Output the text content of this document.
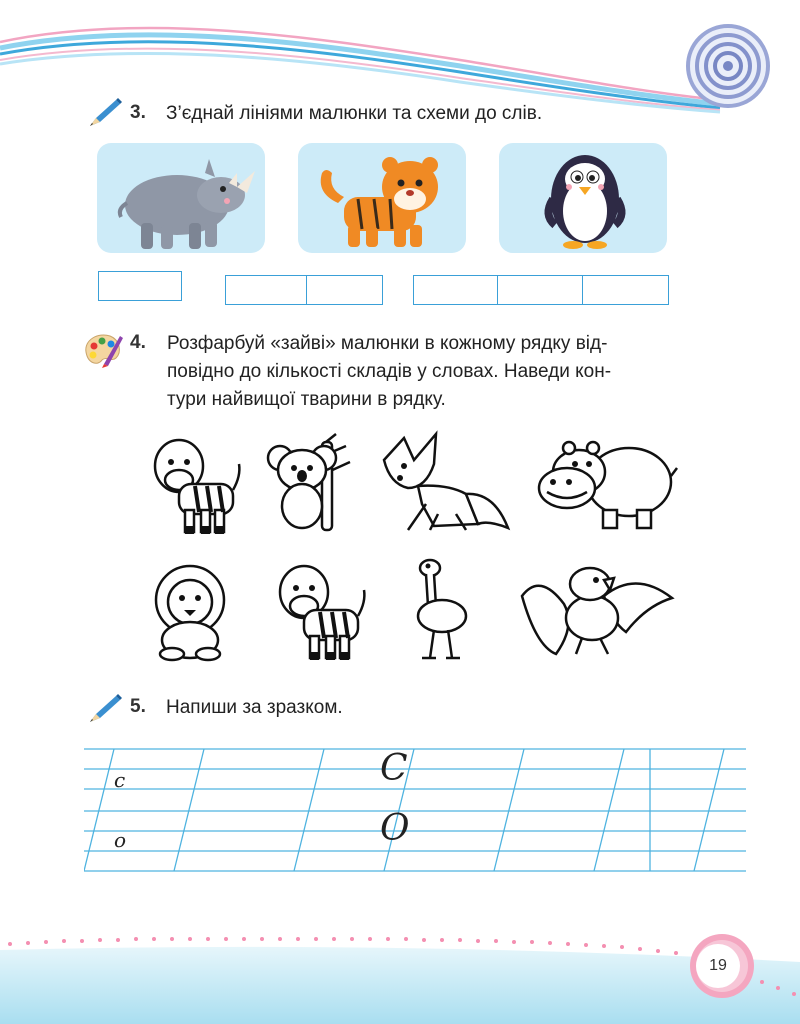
3. З’єднай лініями малюнки та схеми до слів.
4. Розфарбуй «зайві» малюнки в кожному рядку від-
повідно до кількості складів у словах. Наведи кон-
тури найвищої тварини в рядку.
5. Напиши за зразком.
c
o
C
O
19
